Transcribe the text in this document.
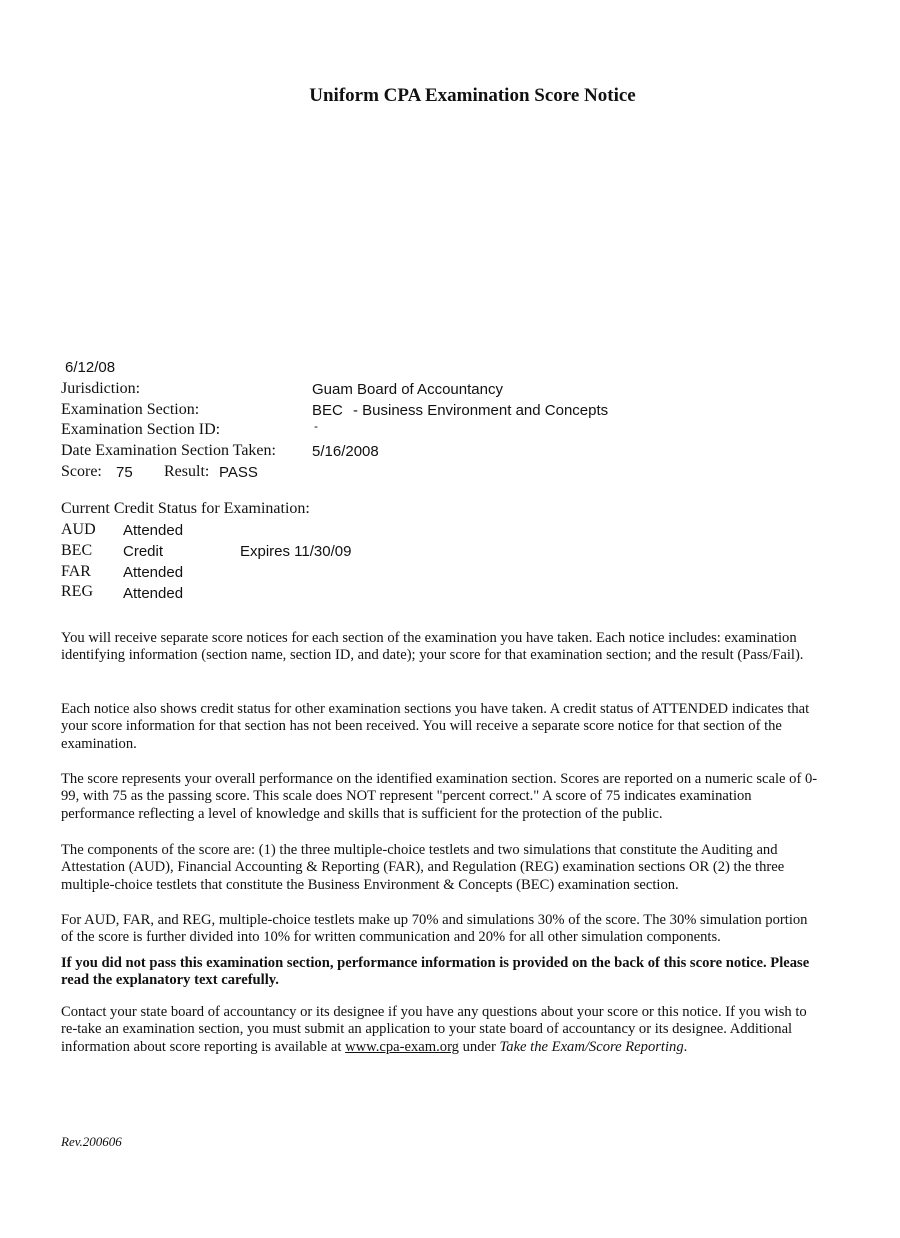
Uniform CPA Examination Score Notice
6/12/08
Jurisdiction:	Guam Board of Accountancy
Examination Section:	BEC - Business Environment and Concepts
Examination Section ID:	-
Date Examination Section Taken: 5/16/2008
Score: 75 Result: PASS
Current Credit Status for Examination:
AUD Attended
BEC Credit	Expires 11/30/09
FAR Attended
REG Attended
You will receive separate score notices for each section of the examination you have taken. Each notice includes: examination identifying information (section name, section ID, and date); your score for that examination section; and the result (Pass/Fail).
Each notice also shows credit status for other examination sections you have taken. A credit status of ATTENDED indicates that your score information for that section has not been received. You will receive a separate score notice for that section of the examination.
The score represents your overall performance on the identified examination section. Scores are reported on a numeric scale of 0-99, with 75 as the passing score. This scale does NOT represent "percent correct." A score of 75 indicates examination performance reflecting a level of knowledge and skills that is sufficient for the protection of the public.
The components of the score are: (1) the three multiple-choice testlets and two simulations that constitute the Auditing and Attestation (AUD), Financial Accounting & Reporting (FAR), and Regulation (REG) examination sections OR (2) the three multiple-choice testlets that constitute the Business Environment & Concepts (BEC) examination section.
For AUD, FAR, and REG, multiple-choice testlets make up 70% and simulations 30% of the score. The 30% simulation portion of the score is further divided into 10% for written communication and 20% for all other simulation components.
If you did not pass this examination section, performance information is provided on the back of this score notice. Please read the explanatory text carefully.
Contact your state board of accountancy or its designee if you have any questions about your score or this notice. If you wish to re-take an examination section, you must submit an application to your state board of accountancy or its designee. Additional information about score reporting is available at www.cpa-exam.org under Take the Exam/Score Reporting.
Rev.200606
